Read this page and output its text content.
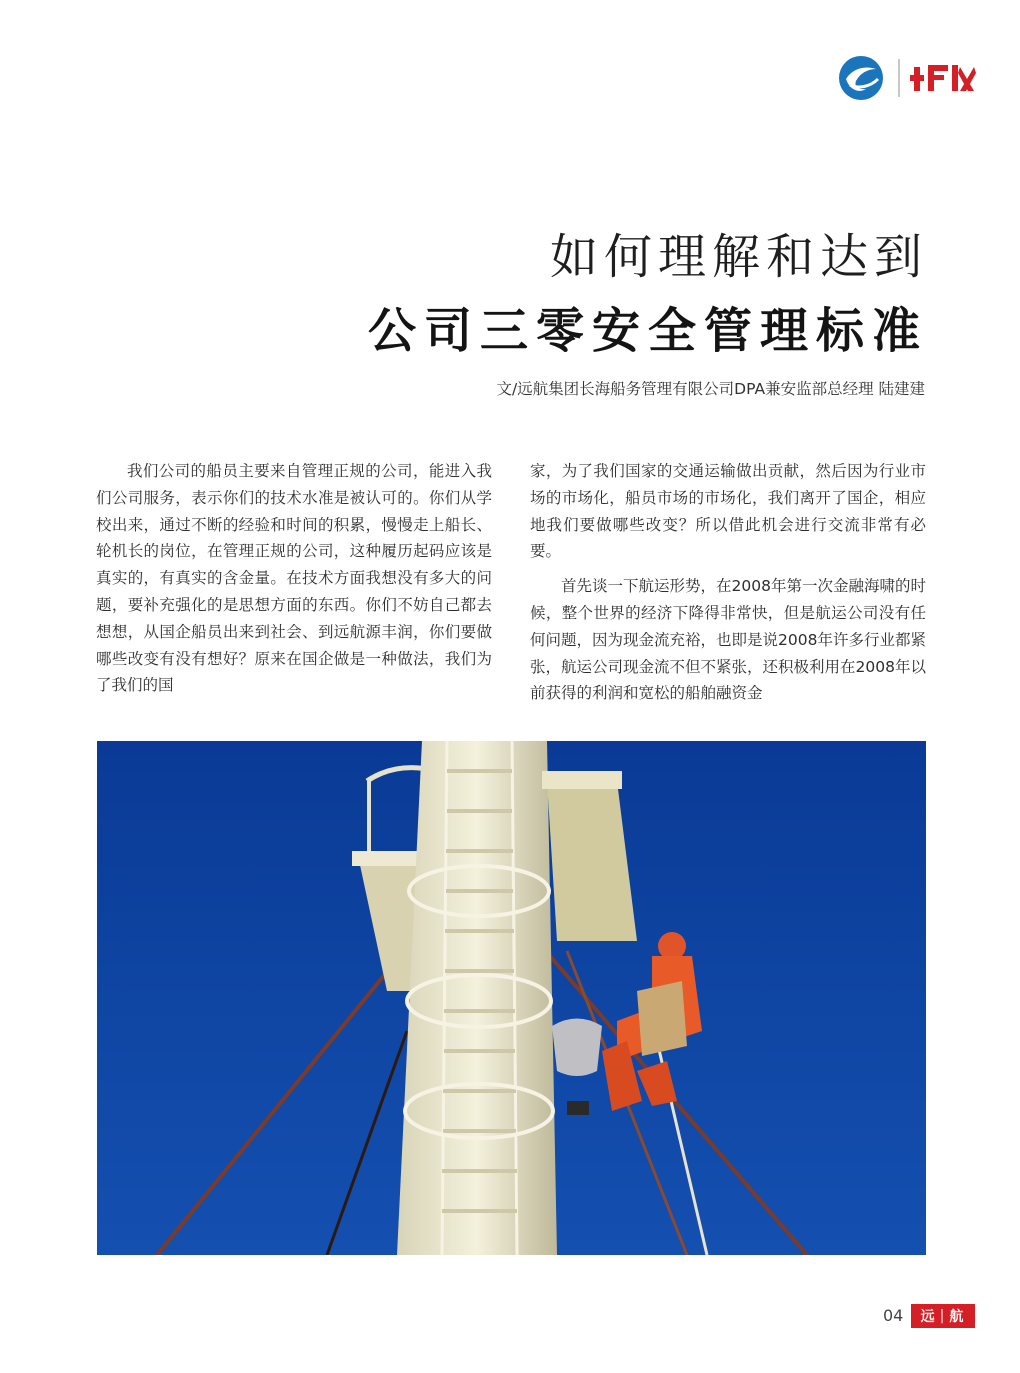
如何理解和达到
公司三零安全管理标准

文/远航集团长海船务管理有限公司DPA兼安监部总经理 陆建建

我们公司的船员主要来自管理正规的公司，能进入我们公司服务，表示你们的技术水准是被认可的。你们从学校出来，通过不断的经验和时间的积累，慢慢走上船长、轮机长的岗位，在管理正规的公司，这种履历起码应该是真实的，有真实的含金量。在技术方面我想没有多大的问题，要补充强化的是思想方面的东西。你们不妨自己都去想想，从国企船员出来到社会、到远航源丰润，你们要做哪些改变有没有想好？原来在国企做是一种做法，我们为了我们的国

家，为了我们国家的交通运输做出贡献，然后因为行业市场的市场化，船员市场的市场化，我们离开了国企，相应地我们要做哪些改变？所以借此机会进行交流非常有必要。

首先谈一下航运形势，在2008年第一次金融海啸的时候，整个世界的经济下降得非常快，但是航运公司没有任何问题，因为现金流充裕，也即是说2008年许多行业都紧张，航运公司现金流不但不紧张，还积极利用在2008年以前获得的利润和宽松的船舶融资金

04 远 | 航
